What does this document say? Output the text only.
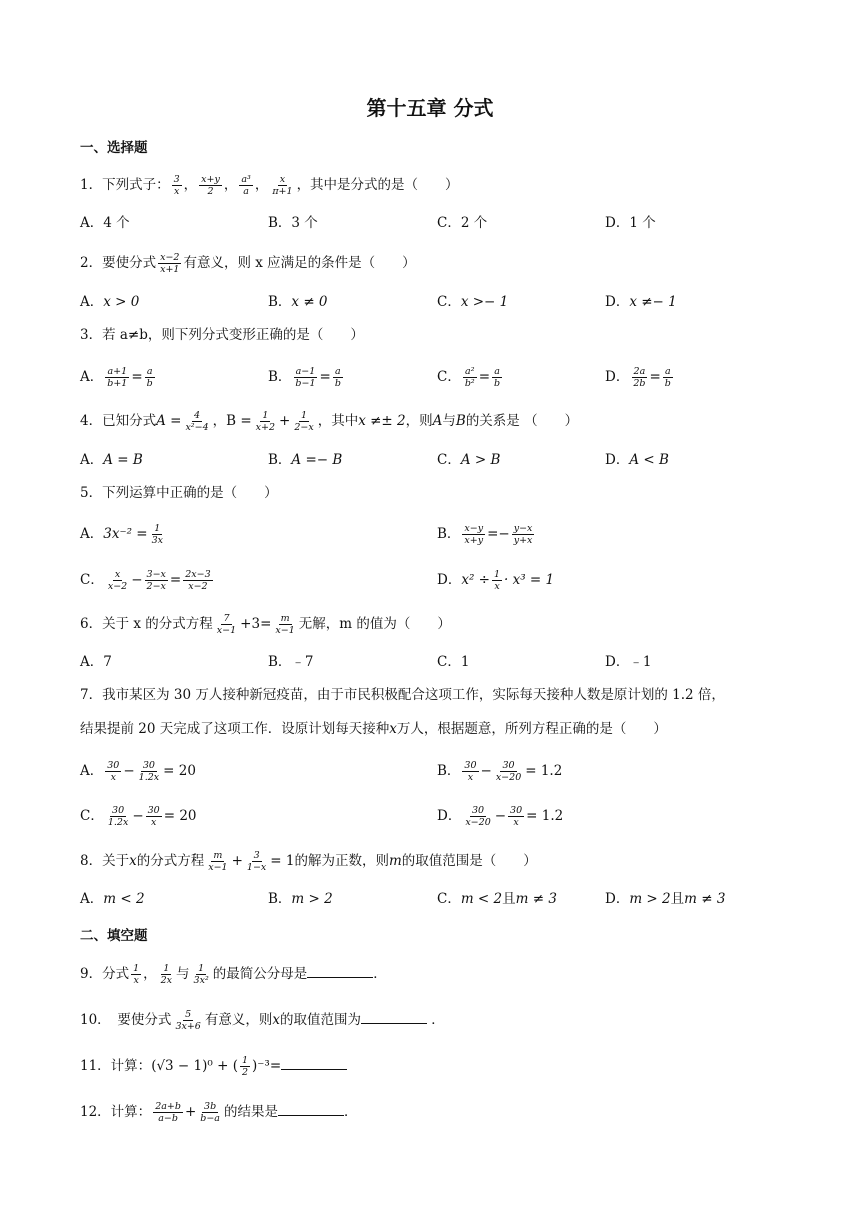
第十五章 分式
一、选择题
1．下列式子： $\frac{3}{x}$ ， $\frac{x+y}{2}$ ， $\frac{\text{a³}}{a}$ ， $\frac{x}{\pi+1}$ ，其中是分式的是（　　）
A．4 个	B．3 个	C．2 个	D．1 个
2．要使分式 $\frac{x-2}{x+1}$ 有意义，则 x 应满足的条件是（　　）
A．x > 0	B．x ≠ 0	C．x >− 1	D．x ≠− 1
3．若 a≠b，则下列分式变形正确的是（　　）
A． $\frac{a+1}{b+1} = \frac{a}{b}$	B． $\frac{a-1}{b-1} = \frac{a}{b}$	C． $\frac{\text{a²}}{\text{b²}} = \frac{a}{b}$	D． $\frac{2a}{2b} = \frac{a}{b}$
4．已知分式$A = \frac{4}{\text{x²−4}}$ ，$B = \frac{1}{x+2} + \frac{1}{2-x}$ ，其中x ≠± 2，则A与B的关系是 （　　）
A．A = B	B．A =− B	C．A > B	D．A < B
5．下列运算中正确的是（　　）
A．$3x^{-2} = \frac{1}{3x}$	B． $\frac{x-y}{x+y} =- \frac{y-x}{y+x}$
C． $\frac{x}{x-2} - \frac{3-x}{2-x} = \frac{2x-3}{x-2}$	D．$x^2 \div \frac{1}{x} \cdot x^3 = 1$
6．关于 x 的分式方程 $\frac{7}{x-1} +3= \frac{m}{x-1}$ 无解，m 的值为（　　）
A．7	B．﹣7	C．1	D．﹣1
7．我市某区为 30 万人接种新冠疫苗，由于市民积极配合这项工作，实际每天接种人数是原计划的 1.2 倍，
结果提前 20 天完成了这项工作．设原计划每天接种x万人，根据题意，所列方程正确的是（　　）
A． $\frac{30}{x} - \frac{30}{1.2x} = 20$	B． $\frac{30}{x} - \frac{30}{x-20} = 1.2$
C． $\frac{30}{1.2x} - \frac{30}{x} = 20$	D． $\frac{30}{x-20} - \frac{30}{x} = 1.2$
8．关于x的分式方程 $\frac{m}{x-1} + \frac{3}{1-x} = 1$的解为正数，则m的取值范围是（　　）
A．m < 2	B．m > 2	C．m < 2且m ≠ 3	D．m > 2且m ≠ 3
二、填空题
9．分式 $\frac{1}{x}$ ， $\frac{1}{2x}$ 与 $\frac{1}{\text{3x²}}$ 的最简公分母是	．
10．　要使分式 $\frac{5}{3x+6}$ 有意义，则x的取值范围为	．
11．计算：(√3 − 1)⁰ + ( $\frac{1}{2} )^{-3}=$
12．计算： $\frac{2a+b}{a-b} + \frac{3b}{b-a}$ 的结果是	．
